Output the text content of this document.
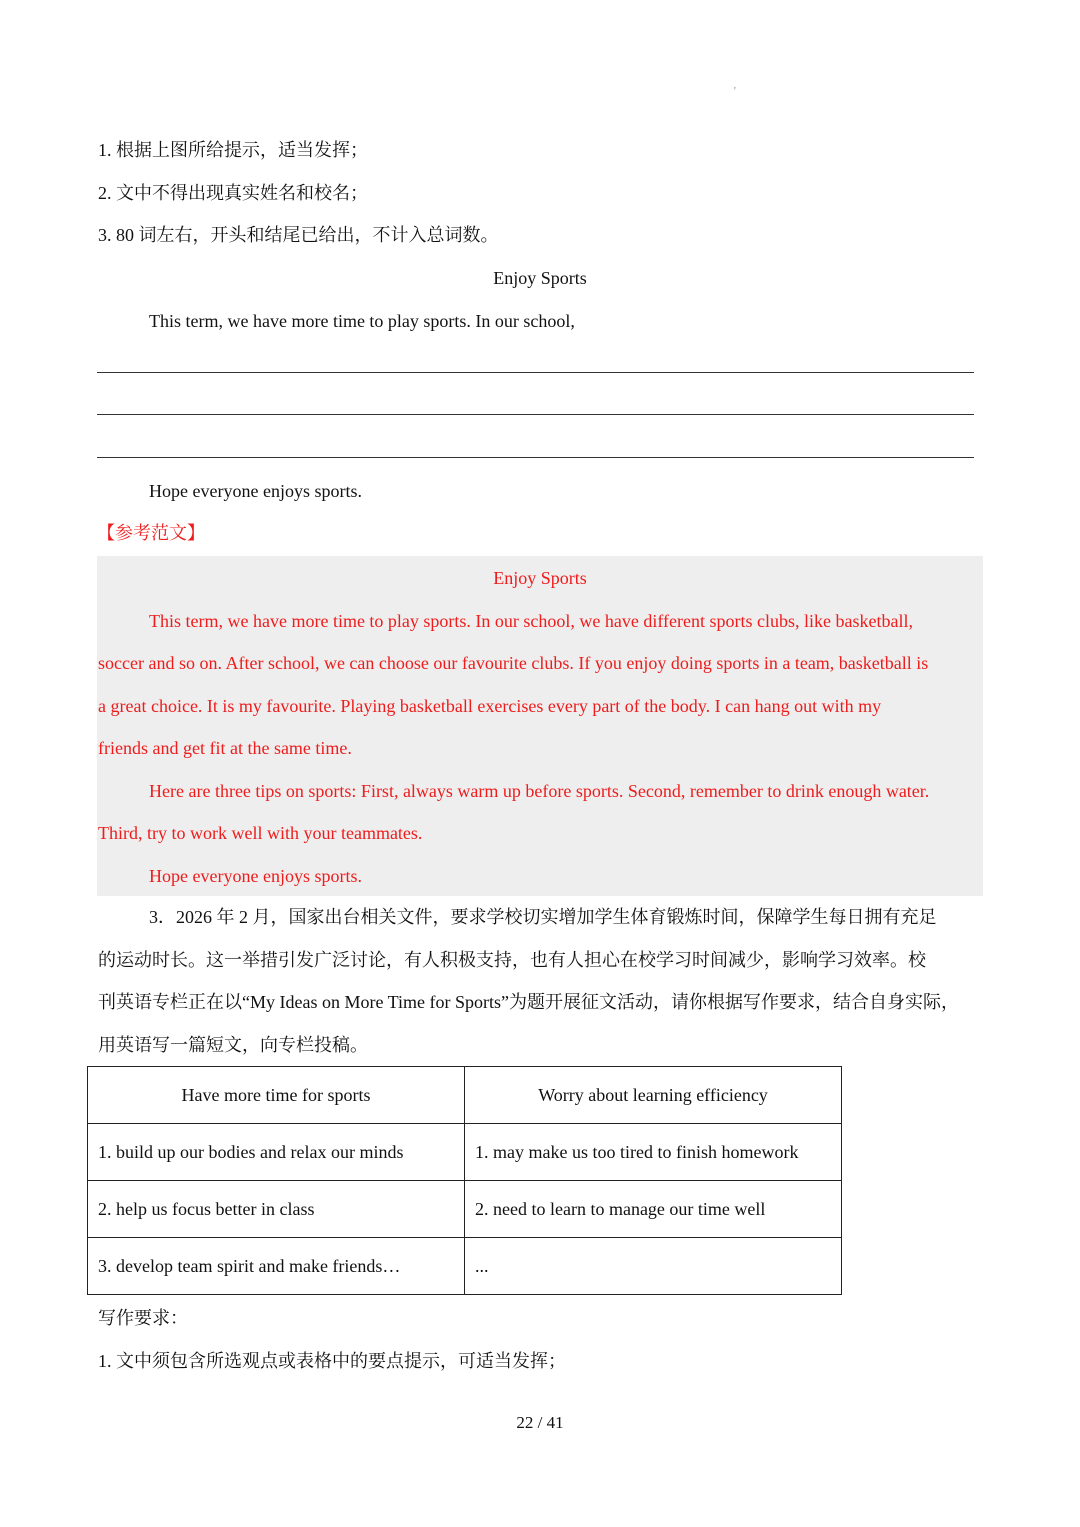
'
1. 根据上图所给提示，适当发挥；
2. 文中不得出现真实姓名和校名；
3. 80 词左右，开头和结尾已给出，不计入总词数。
Enjoy Sports
This term, we have more time to play sports. In our school,
Hope everyone enjoys sports.
【参考范文】
Enjoy Sports
This term, we have more time to play sports. In our school, we have different sports clubs, like basketball,
soccer and so on. After school, we can choose our favourite clubs. If you enjoy doing sports in a team, basketball is
a great choice. It is my favourite. Playing basketball exercises every part of the body. I can hang out with my
friends and get fit at the same time.
Here are three tips on sports: First, always warm up before sports. Second, remember to drink enough water.
Third, try to work well with your teammates.
Hope everyone enjoys sports.
3．2026 年 2 月，国家出台相关文件，要求学校切实增加学生体育锻炼时间，保障学生每日拥有充足
的运动时长。这一举措引发广泛讨论，有人积极支持，也有人担心在校学习时间减少，影响学习效率。校
刊英语专栏正在以“My Ideas on More Time for Sports”为题开展征文活动，请你根据写作要求，结合自身实际，
用英语写一篇短文，向专栏投稿。
Have more time for sports	Worry about learning efficiency
1. build up our bodies and relax our minds	1. may make us too tired to finish homework
2. help us focus better in class	2. need to learn to manage our time well
3. develop team spirit and make friends…	...
写作要求：
1. 文中须包含所选观点或表格中的要点提示，可适当发挥；
22 / 41
